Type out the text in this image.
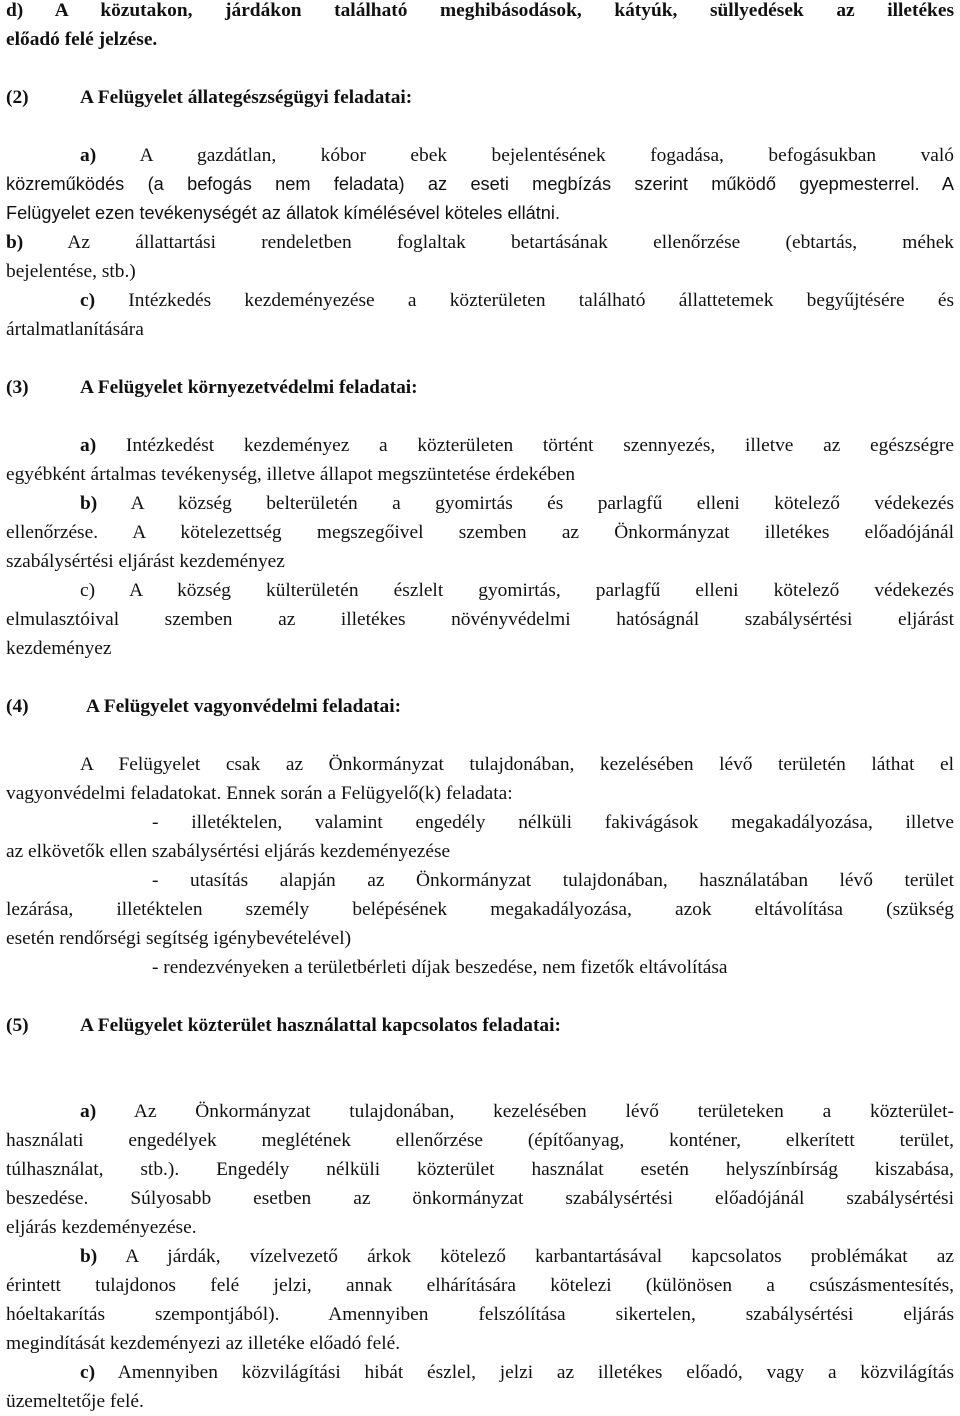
d) A közutakon, járdákon található meghibásodások, kátyúk, süllyedések az illetékes

előadó felé jelzése.

(2)	A Felügyelet állategészségügyi feladatai:

a) A gazdátlan, kóbor ebek bejelentésének fogadása, befogásukban való

közreműködés (a befogás nem feladata) az eseti megbízás szerint működő gyepmesterrel. A

Felügyelet ezen tevékenységét az állatok kímélésével köteles ellátni.

b) Az állattartási rendeletben foglaltak betartásának ellenőrzése (ebtartás, méhek

bejelentése, stb.)

c) Intézkedés kezdeményezése a közterületen található állattetemek begyűjtésére és

ártalmatlanítására

(3)	A Felügyelet környezetvédelmi feladatai:

a) Intézkedést kezdeményez a közterületen történt szennyezés, illetve az egészségre

egyébként ártalmas tevékenység, illetve állapot megszüntetése érdekében

b) A község belterületén a gyomirtás és parlagfű elleni kötelező védekezés

ellenőrzése. A kötelezettség megszegőivel szemben az Önkormányzat illetékes előadójánál

szabálysértési eljárást kezdeményez

c) A község külterületén észlelt gyomirtás, parlagfű elleni kötelező védekezés

elmulasztóival szemben az illetékes növényvédelmi hatóságnál szabálysértési eljárást

kezdeményez

(4)	A Felügyelet vagyonvédelmi feladatai:

A Felügyelet csak az Önkormányzat tulajdonában, kezelésében lévő területén láthat el

vagyonvédelmi feladatokat. Ennek során a Felügyelő(k) feladata:

- illetéktelen, valamint engedély nélküli fakivágások megakadályozása, illetve

az elkövetők ellen szabálysértési eljárás kezdeményezése

- utasítás alapján az Önkormányzat tulajdonában, használatában lévő terület

lezárása, illetéktelen személy belépésének megakadályozása, azok eltávolítása (szükség

esetén rendőrségi segítség igénybevételével)

- rendezvényeken a területbérleti díjak beszedése, nem fizetők eltávolítása

(5)	A Felügyelet közterület használattal kapcsolatos feladatai:

a) Az Önkormányzat tulajdonában, kezelésében lévő területeken a közterület-

használati engedélyek meglétének ellenőrzése (építőanyag, konténer, elkerített terület,

túlhasználat, stb.). Engedély nélküli közterület használat esetén helyszínbírság kiszabása,

beszedése. Súlyosabb esetben az önkormányzat szabálysértési előadójánál szabálysértési

eljárás kezdeményezése.

b) A járdák, vízelvezető árkok kötelező karbantartásával kapcsolatos problémákat az

érintett tulajdonos felé jelzi, annak elhárítására kötelezi (különösen a csúszásmentesítés,

hóeltakarítás szempontjából). Amennyiben felszólítása sikertelen, szabálysértési eljárás

megindítását kezdeményezi az illetéke előadó felé.

c) Amennyiben közvilágítási hibát észlel, jelzi az illetékes előadó, vagy a közvilágítás

üzemeltetője felé.
